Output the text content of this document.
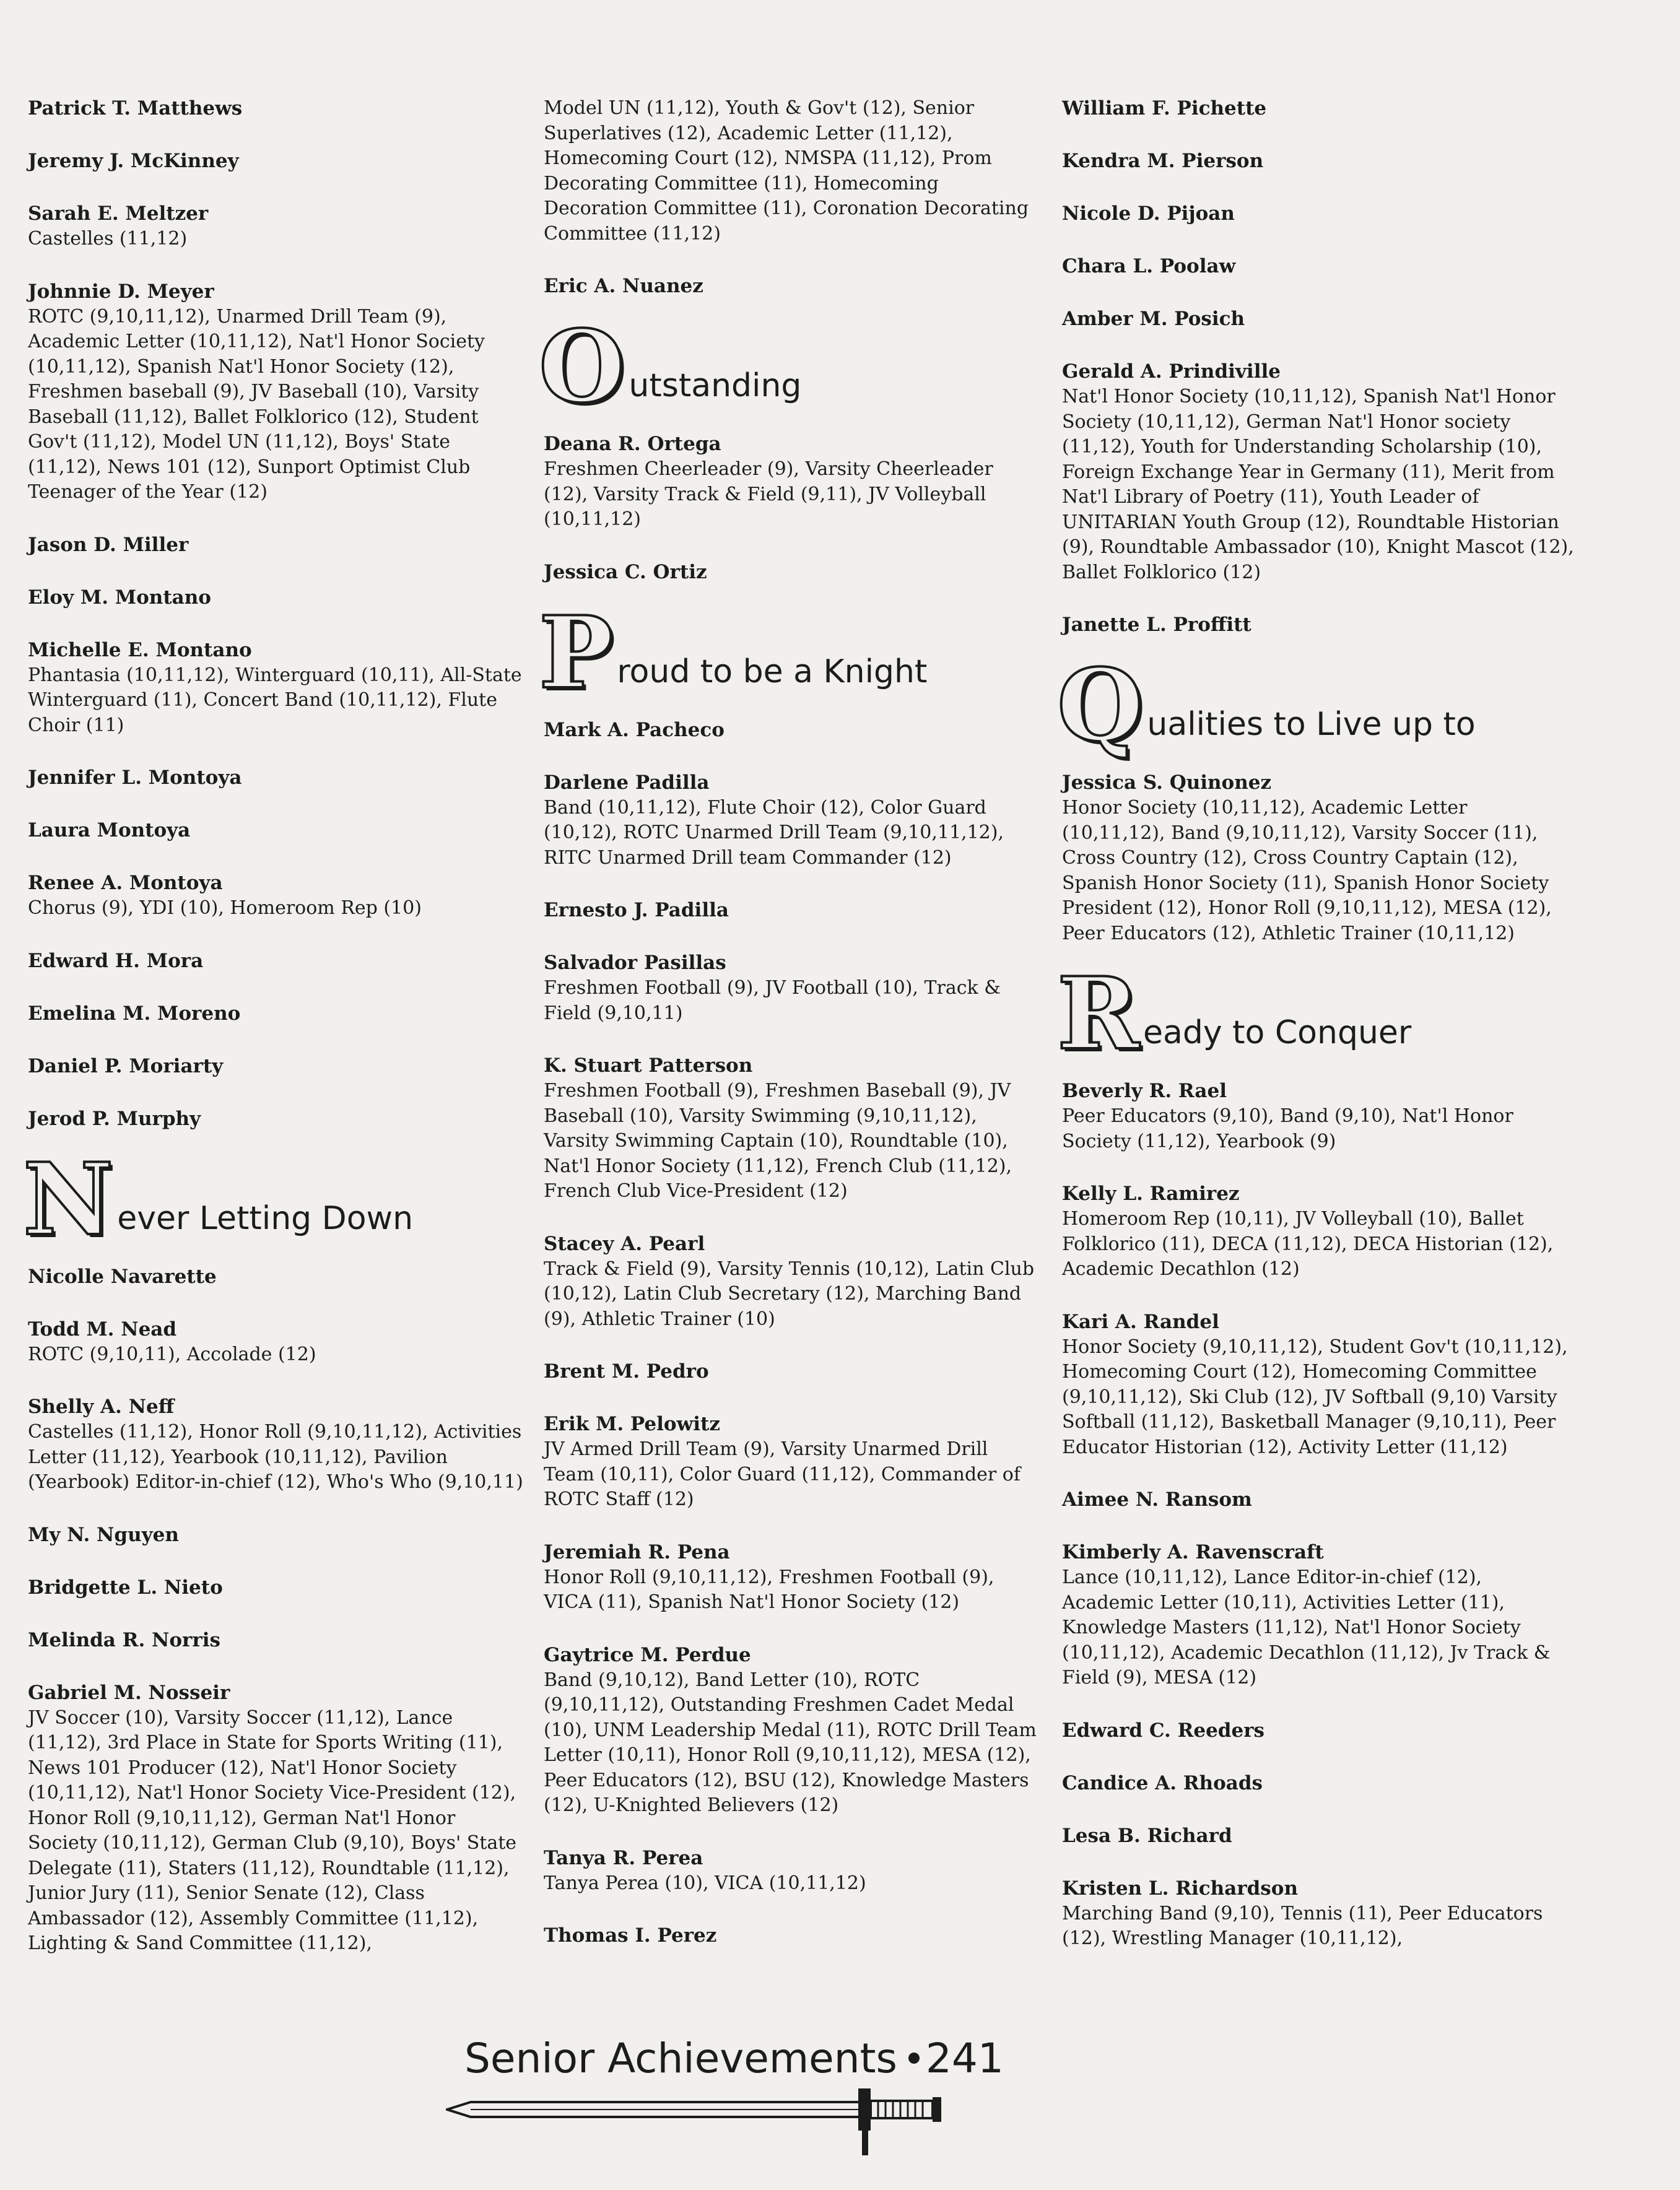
Patrick T. Matthews
Jeremy J. McKinney
Sarah E. Meltzer
Castelles (11,12)
Johnnie D. Meyer
ROTC (9,10,11,12), Unarmed Drill Team (9), Academic Letter (10,11,12), Nat'l Honor Society (10,11,12), Spanish Nat'l Honor Society (12), Freshmen baseball (9), JV Baseball (10), Varsity Baseball (11,12), Ballet Folklorico (12), Student Gov't (11,12), Model UN (11,12), Boys' State (11,12), News 101 (12), Sunport Optimist Club Teenager of the Year (12)
Jason D. Miller
Eloy M. Montano
Michelle E. Montano
Phantasia (10,11,12), Winterguard (10,11), All-State Winterguard (11), Concert Band (10,11,12), Flute Choir (11)
Jennifer L. Montoya
Laura Montoya
Renee A. Montoya
Chorus (9), YDI (10), Homeroom Rep (10)
Edward H. Mora
Emelina M. Moreno
Daniel P. Moriarty
Jerod P. Murphy
N ever Letting Down
Nicolle Navarette
Todd M. Nead
ROTC (9,10,11), Accolade (12)
Shelly A. Neff
Castelles (11,12), Honor Roll (9,10,11,12), Activities Letter (11,12), Yearbook (10,11,12), Pavilion (Yearbook) Editor-in-chief (12), Who's Who (9,10,11)
My N. Nguyen
Bridgette L. Nieto
Melinda R. Norris
Gabriel M. Nosseir
JV Soccer (10), Varsity Soccer (11,12), Lance (11,12), 3rd Place in State for Sports Writing (11), News 101 Producer (12), Nat'l Honor Society (10,11,12), Nat'l Honor Society Vice-President (12), Honor Roll (9,10,11,12), German Nat'l Honor Society (10,11,12), German Club (9,10), Boys' State Delegate (11), Staters (11,12), Roundtable (11,12), Junior Jury (11), Senior Senate (12), Class Ambassador (12), Assembly Committee (11,12), Lighting & Sand Committee (11,12),
Model UN (11,12), Youth & Gov't (12), Senior Superlatives (12), Academic Letter (11,12), Homecoming Court (12), NMSPA (11,12), Prom Decorating Committee (11), Homecoming Decoration Committee (11), Coronation Decorating Committee (11,12)
Eric A. Nuanez
O utstanding
Deana R. Ortega
Freshmen Cheerleader (9), Varsity Cheerleader (12), Varsity Track & Field (9,11), JV Volleyball (10,11,12)
Jessica C. Ortiz
P roud to be a Knight
Mark A. Pacheco
Darlene Padilla
Band (10,11,12), Flute Choir (12), Color Guard (10,12), ROTC Unarmed Drill Team (9,10,11,12), RITC Unarmed Drill team Commander (12)
Ernesto J. Padilla
Salvador Pasillas
Freshmen Football (9), JV Football (10), Track & Field (9,10,11)
K. Stuart Patterson
Freshmen Football (9), Freshmen Baseball (9), JV Baseball (10), Varsity Swimming (9,10,11,12), Varsity Swimming Captain (10), Roundtable (10), Nat'l Honor Society (11,12), French Club (11,12), French Club Vice-President (12)
Stacey A. Pearl
Track & Field (9), Varsity Tennis (10,12), Latin Club (10,12), Latin Club Secretary (12), Marching Band (9), Athletic Trainer (10)
Brent M. Pedro
Erik M. Pelowitz
JV Armed Drill Team (9), Varsity Unarmed Drill Team (10,11), Color Guard (11,12), Commander of ROTC Staff (12)
Jeremiah R. Pena
Honor Roll (9,10,11,12), Freshmen Football (9), VICA (11), Spanish Nat'l Honor Society (12)
Gaytrice M. Perdue
Band (9,10,12), Band Letter (10), ROTC (9,10,11,12), Outstanding Freshmen Cadet Medal (10), UNM Leadership Medal (11), ROTC Drill Team Letter (10,11), Honor Roll (9,10,11,12), MESA (12), Peer Educators (12), BSU (12), Knowledge Masters (12), U-Knighted Believers (12)
Tanya R. Perea
Tanya Perea (10), VICA (10,11,12)
Thomas I. Perez
William F. Pichette
Kendra M. Pierson
Nicole D. Pijoan
Chara L. Poolaw
Amber M. Posich
Gerald A. Prindiville
Nat'l Honor Society (10,11,12), Spanish Nat'l Honor Society (10,11,12), German Nat'l Honor society (11,12), Youth for Understanding Scholarship (10), Foreign Exchange Year in Germany (11), Merit from Nat'l Library of Poetry (11), Youth Leader of UNITARIAN Youth Group (12), Roundtable Historian (9), Roundtable Ambassador (10), Knight Mascot (12), Ballet Folklorico (12)
Janette L. Proffitt
Q ualities to Live up to
Jessica S. Quinonez
Honor Society (10,11,12), Academic Letter (10,11,12), Band (9,10,11,12), Varsity Soccer (11), Cross Country (12), Cross Country Captain (12), Spanish Honor Society (11), Spanish Honor Society President (12), Honor Roll (9,10,11,12), MESA (12), Peer Educators (12), Athletic Trainer (10,11,12)
R eady to Conquer
Beverly R. Rael
Peer Educators (9,10), Band (9,10), Nat'l Honor Society (11,12), Yearbook (9)
Kelly L. Ramirez
Homeroom Rep (10,11), JV Volleyball (10), Ballet Folklorico (11), DECA (11,12), DECA Historian (12), Academic Decathlon (12)
Kari A. Randel
Honor Society (9,10,11,12), Student Gov't (10,11,12), Homecoming Court (12), Homecoming Committee (9,10,11,12), Ski Club (12), JV Softball (9,10) Varsity Softball (11,12), Basketball Manager (9,10,11), Peer Educator Historian (12), Activity Letter (11,12)
Aimee N. Ransom
Kimberly A. Ravenscraft
Lance (10,11,12), Lance Editor-in-chief (12), Academic Letter (10,11), Activities Letter (11), Knowledge Masters (11,12), Nat'l Honor Society (10,11,12), Academic Decathlon (11,12), Jv Track & Field (9), MESA (12)
Edward C. Reeders
Candice A. Rhoads
Lesa B. Richard
Kristen L. Richardson
Marching Band (9,10), Tennis (11), Peer Educators (12), Wrestling Manager (10,11,12),
Senior Achievements 241
